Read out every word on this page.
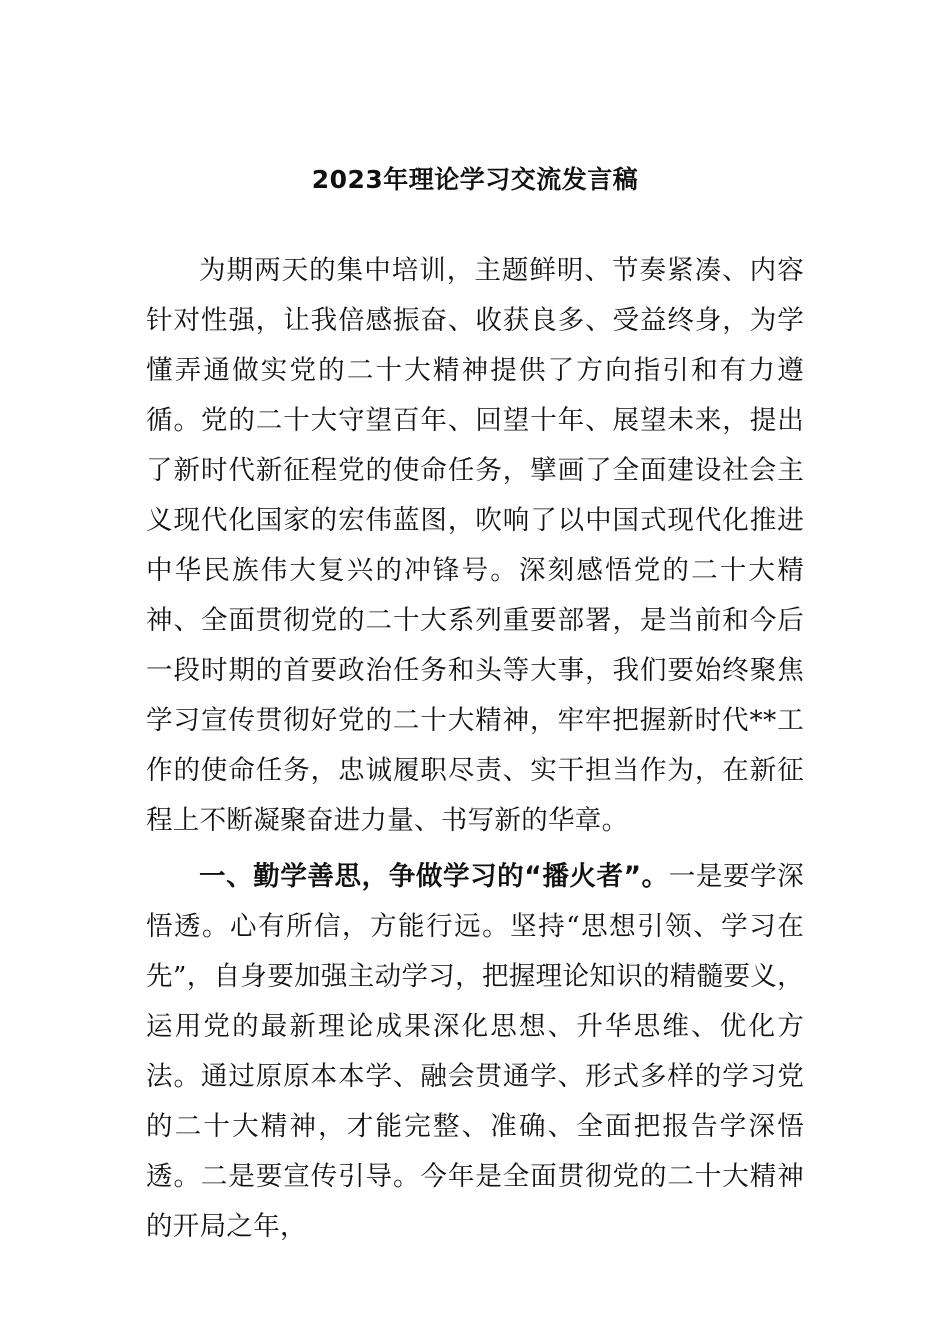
2023年理论学习交流发言稿

为期两天的集中培训，主题鲜明、节奏紧凑、内容针对性强，让我倍感振奋、收获良多、受益终身，为学懂弄通做实党的二十大精神提供了方向指引和有力遵循。党的二十大守望百年、回望十年、展望未来，提出了新时代新征程党的使命任务，擘画了全面建设社会主义现代化国家的宏伟蓝图，吹响了以中国式现代化推进中华民族伟大复兴的冲锋号。深刻感悟党的二十大精神、全面贯彻党的二十大系列重要部署，是当前和今后一段时期的首要政治任务和头等大事，我们要始终聚焦学习宣传贯彻好党的二十大精神，牢牢把握新时代**工作的使命任务，忠诚履职尽责、实干担当作为，在新征程上不断凝聚奋进力量、书写新的华章。

一、勤学善思，争做学习的“播火者”。一是要学深悟透。心有所信，方能行远。坚持“思想引领、学习在先”，自身要加强主动学习，把握理论知识的精髓要义，运用党的最新理论成果深化思想、升华思维、优化方法。通过原原本本学、融会贯通学、形式多样的学习党的二十大精神，才能完整、准确、全面把报告学深悟透。二是要宣传引导。今年是全面贯彻党的二十大精神的开局之年，
